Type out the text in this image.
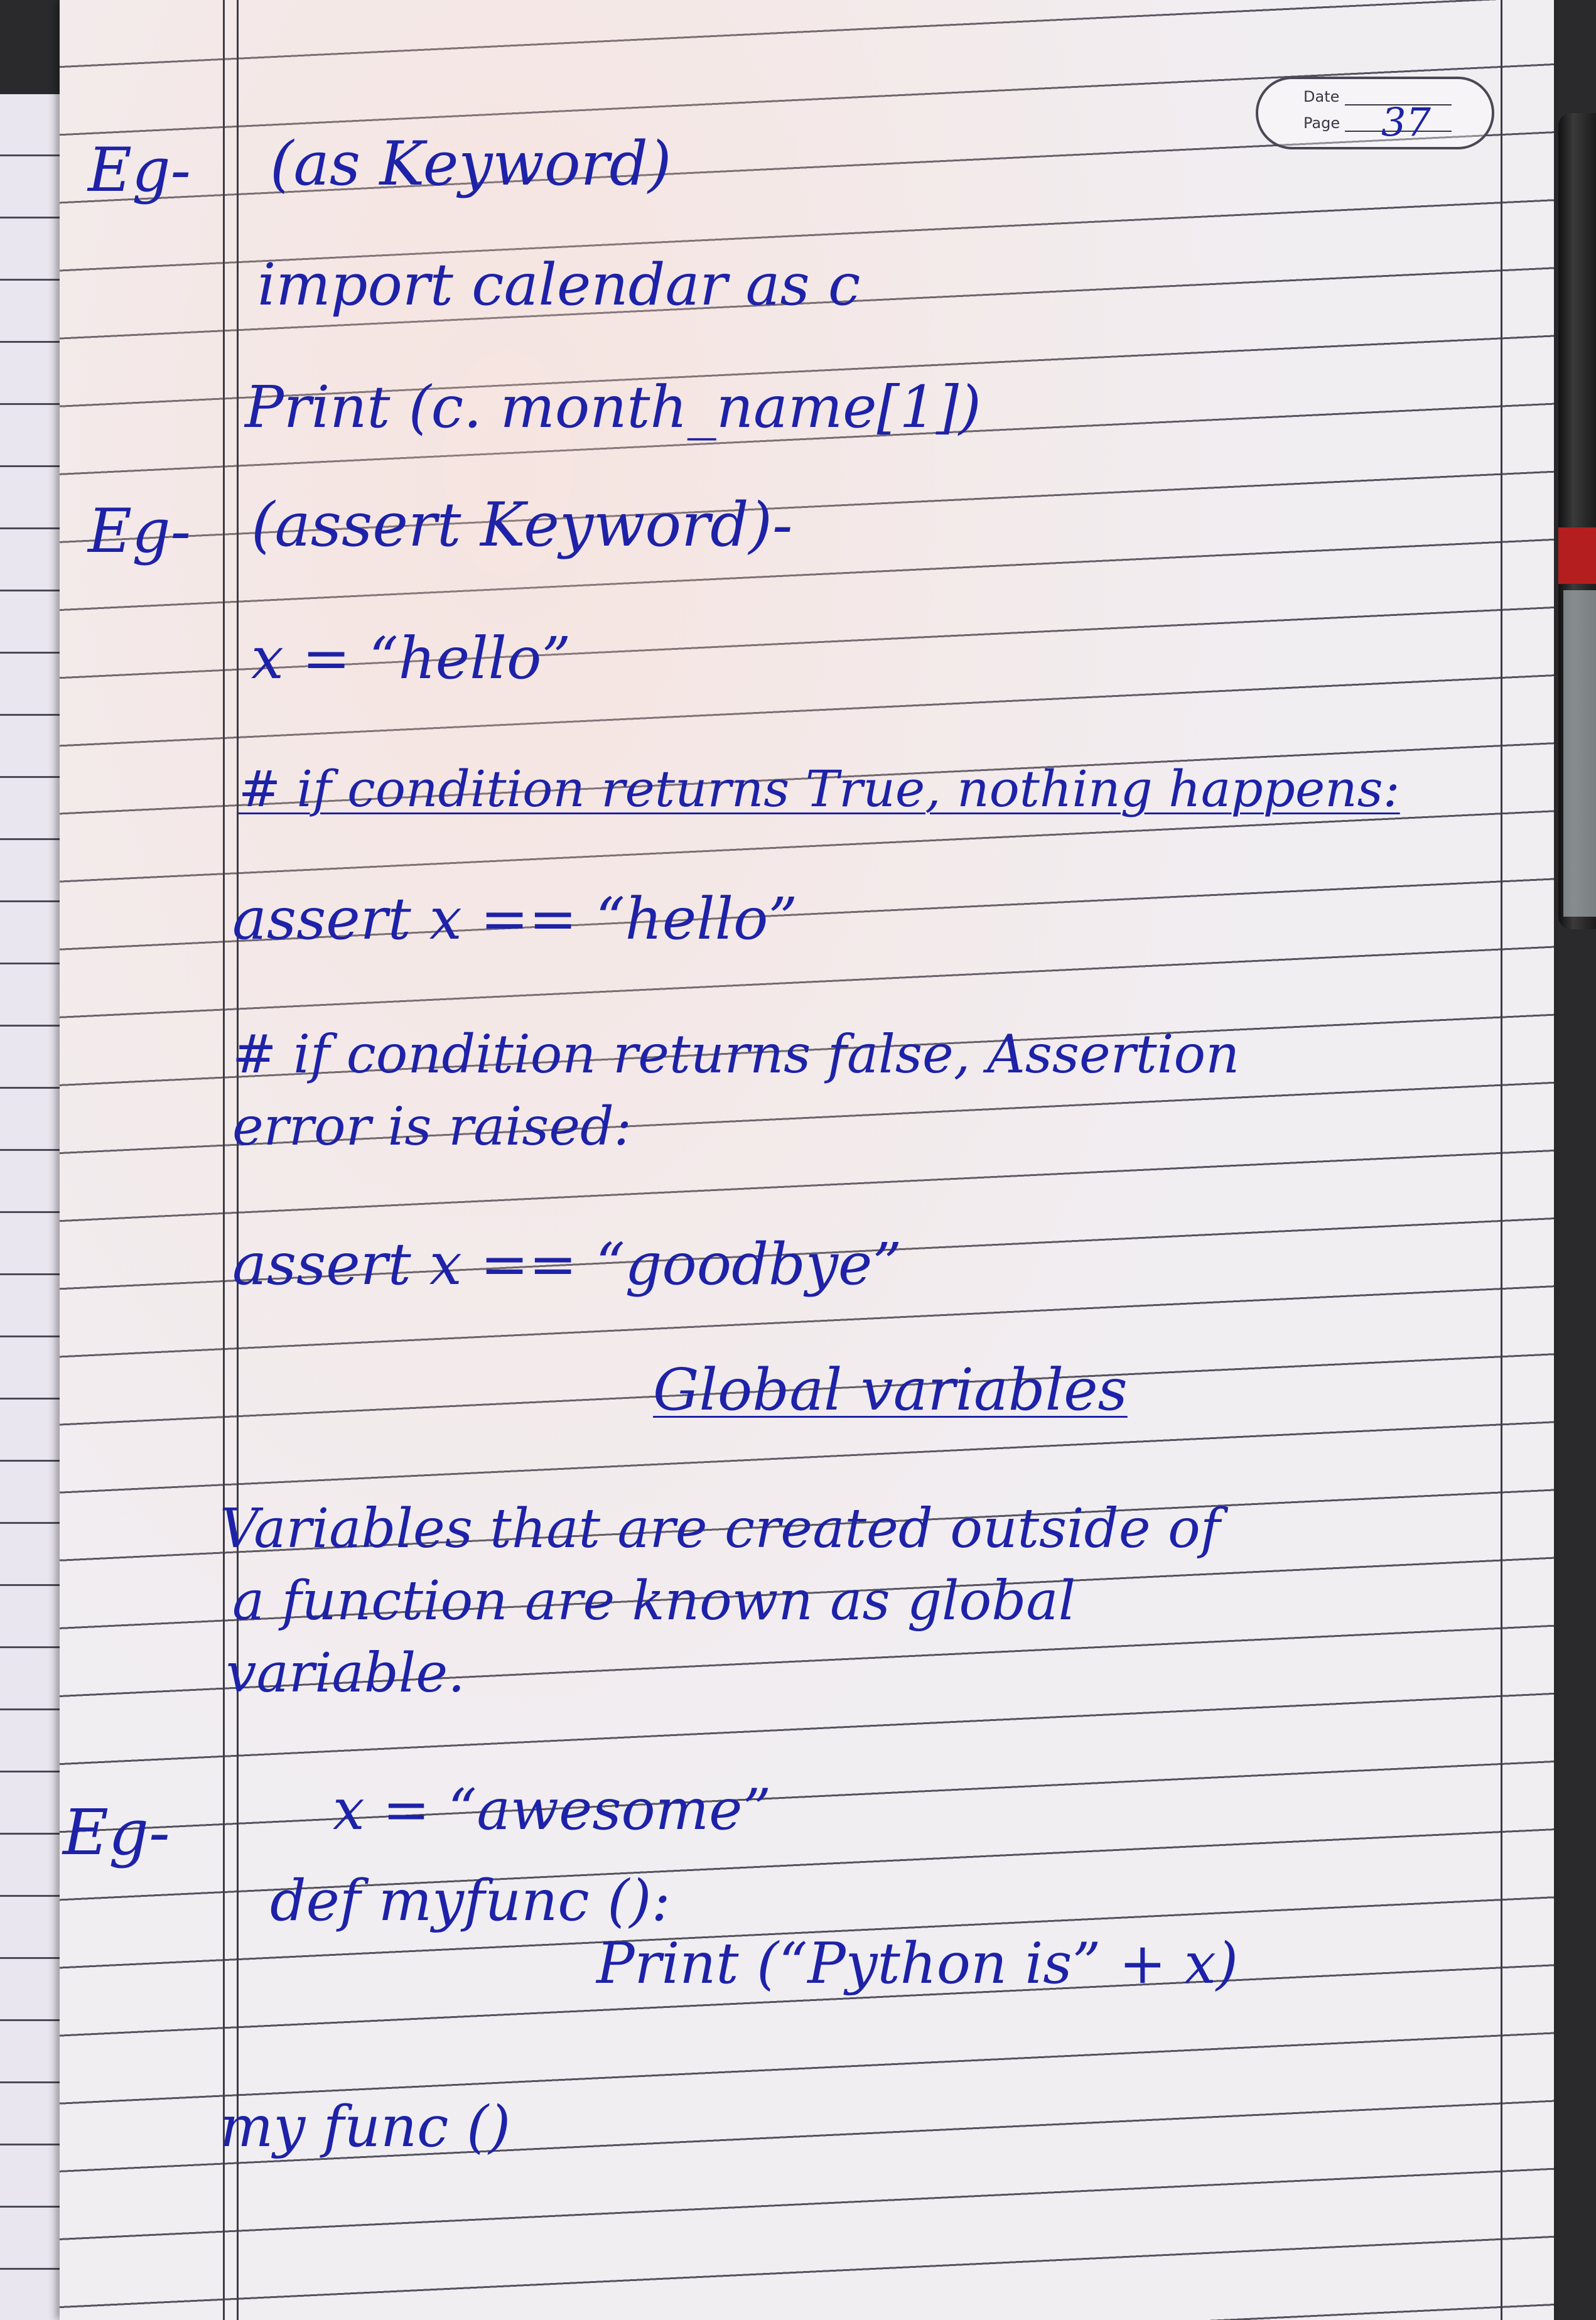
Date
Page 37
Eg- (as Keyword)
import calendar as c
Print (c. month_name[1])
Eg- (assert Keyword)-
x = “hello”
# if condition returns True, nothing happens:
assert x == “hello”
# if condition returns false, Assertion
error is raised:
assert x == “goodbye”
Global variables
Variables that are created outside of
a function are known as global
variable.
Eg-	x = “awesome”
def myfunc ():
Print (“Python is” + x)
my func ()
